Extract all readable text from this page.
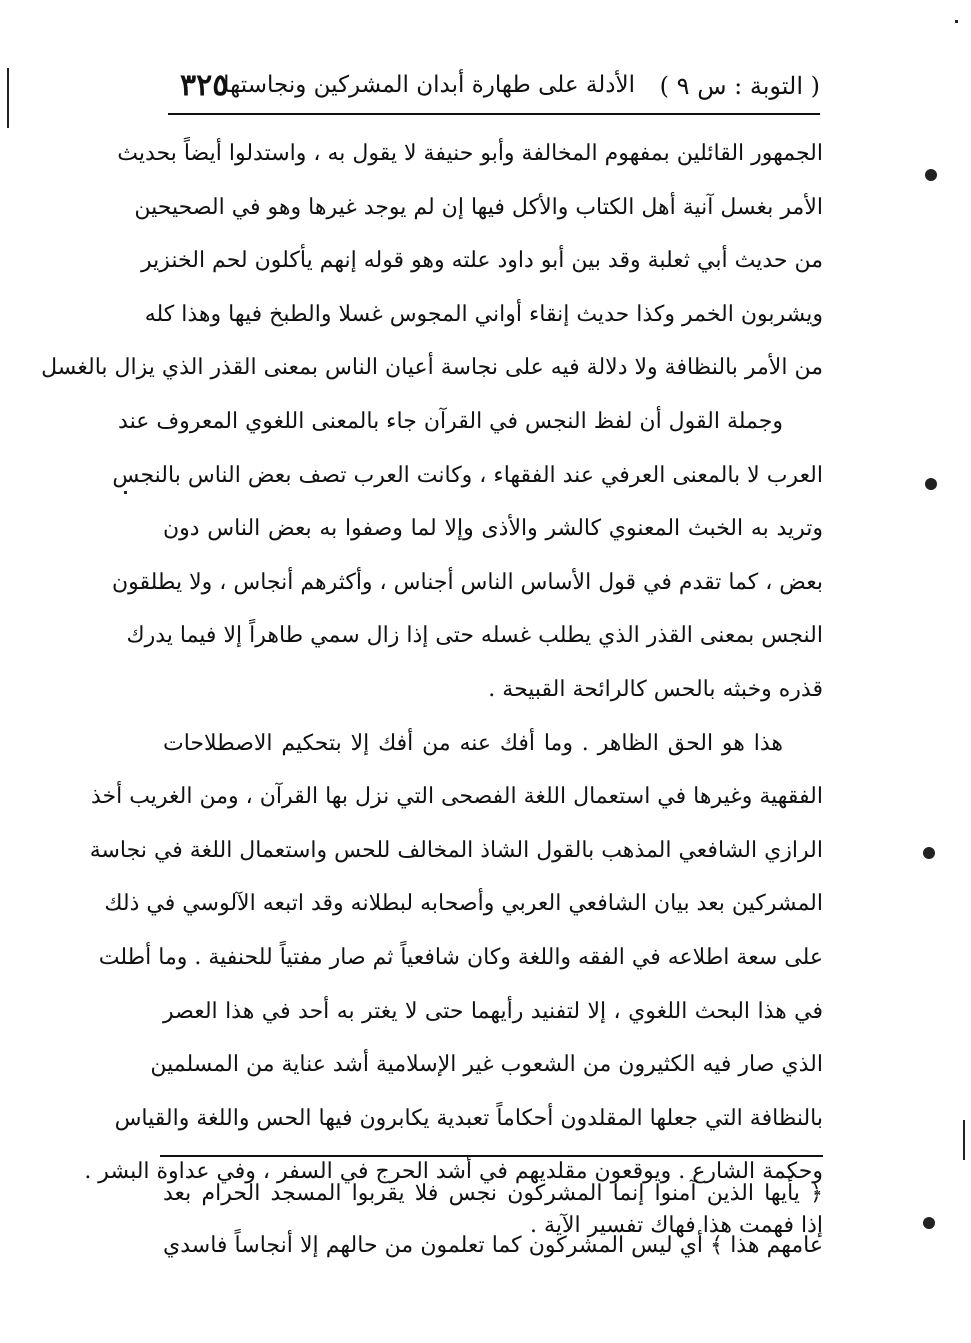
( التوبة : س ٩ )
الأدلة على طهارة أبدان المشركين ونجاستها
٣٢٥
الجمهور القائلين بمفهوم المخالفة وأبو حنيفة لا يقول به ، واستدلوا أيضاً بحديث
الأمر بغسل آنية أهل الكتاب والأكل فيها إن لم يوجد غيرها وهو في الصحيحين
من حديث أبي ثعلبة وقد بين أبو داود علته وهو قوله إنهم يأكلون لحم الخنزير
ويشربون الخمر وكذا حديث إنقاء أواني المجوس غسلا والطبخ فيها وهذا كله
من الأمر بالنظافة ولا دلالة فيه على نجاسة أعيان الناس بمعنى القذر الذي يزال بالغسل
وجملة القول أن لفظ النجس في القرآن جاء بالمعنى اللغوي المعروف عند
العرب لا بالمعنى العرفي عند الفقهاء ، وكانت العرب تصف بعض الناس بالنجس
وتريد به الخبث المعنوي كالشر والأذى وإلا لما وصفوا به بعض الناس دون
بعض ، كما تقدم في قول الأساس الناس أجناس ، وأكثرهم أنجاس ، ولا يطلقون
النجس بمعنى القذر الذي يطلب غسله حتى إذا زال سمي طاهراً إلا فيما يدرك
قذره وخبثه بالحس كالرائحة القبيحة .
هذا هو الحق الظاهر . وما أفك عنه من أفك إلا بتحكيم الاصطلاحات
الفقهية وغيرها في استعمال اللغة الفصحى التي نزل بها القرآن ، ومن الغريب أخذ
الرازي الشافعي المذهب بالقول الشاذ المخالف للحس واستعمال اللغة في نجاسة
المشركين بعد بيان الشافعي العربي وأصحابه لبطلانه وقد اتبعه الآلوسي في ذلك
على سعة اطلاعه في الفقه واللغة وكان شافعياً ثم صار مفتياً للحنفية . وما أطلت
في هذا البحث اللغوي ، إلا لتفنيد رأيهما حتى لا يغتر به أحد في هذا العصر
الذي صار فيه الكثيرون من الشعوب غير الإسلامية أشد عناية من المسلمين
بالنظافة التي جعلها المقلدون أحكاماً تعبدية يكابرون فيها الحس واللغة والقياس
وحكمة الشارع . ويوقعون مقلديهم في أشد الحرج في السفر ، وفي عداوة البشر .
إذا فهمت هذا فهاك تفسير الآية .
﴿ يأيها الذين آمنوا إنما المشركون نجس فلا يقربوا المسجد الحرام بعد
عامهم هذا ﴾ أي ليس المشركون كما تعلمون من حالهم إلا أنجاساً فاسدي
